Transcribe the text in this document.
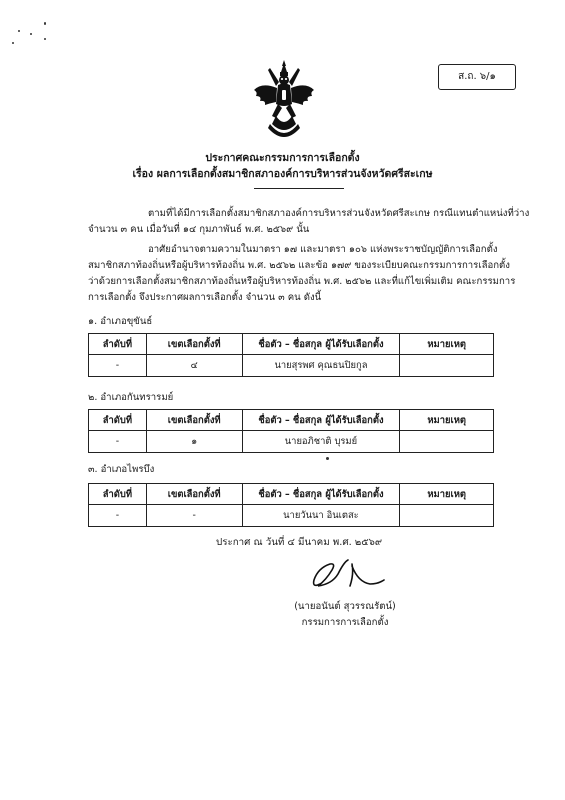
ส.ถ. ๖/๑
ประกาศคณะกรรมการการเลือกตั้ง
เรื่อง ผลการเลือกตั้งสมาชิกสภาองค์การบริหารส่วนจังหวัดศรีสะเกษ
ตามที่ได้มีการเลือกตั้งสมาชิกสภาองค์การบริหารส่วนจังหวัดศรีสะเกษ กรณีแทนตำแหน่งที่ว่าง
จำนวน ๓ คน เมื่อวันที่ ๑๔ กุมภาพันธ์ พ.ศ. ๒๕๖๙ นั้น
อาศัยอำนาจตามความในมาตรา ๑๗ และมาตรา ๑๐๖ แห่งพระราชบัญญัติการเลือกตั้ง
สมาชิกสภาท้องถิ่นหรือผู้บริหารท้องถิ่น พ.ศ. ๒๕๖๒ และข้อ ๑๗๙ ของระเบียบคณะกรรมการการเลือกตั้ง
ว่าด้วยการเลือกตั้งสมาชิกสภาท้องถิ่นหรือผู้บริหารท้องถิ่น พ.ศ. ๒๕๖๒ และที่แก้ไขเพิ่มเติม คณะกรรมการ
การเลือกตั้ง จึงประกาศผลการเลือกตั้ง จำนวน ๓ คน ดังนี้
๑. อำเภอขุขันธ์
ลำดับที่	เขตเลือกตั้งที่	ชื่อตัว – ชื่อสกุล ผู้ได้รับเลือกตั้ง	หมายเหตุ
-	๔	นายสุรพศ คุณธนปิยกูล	
๒. อำเภอกันทรารมย์
ลำดับที่	เขตเลือกตั้งที่	ชื่อตัว – ชื่อสกุล ผู้ได้รับเลือกตั้ง	หมายเหตุ
-	๑	นายอภิชาติ บุรมย์	
๓. อำเภอไพรบึง
ลำดับที่	เขตเลือกตั้งที่	ชื่อตัว – ชื่อสกุล ผู้ได้รับเลือกตั้ง	หมายเหตุ
-	-	นายวันนา อินเตสะ	
ประกาศ ณ วันที่ ๔ มีนาคม พ.ศ. ๒๕๖๙
(นายอนันต์ สุวรรณรัตน์)
กรรมการการเลือกตั้ง
